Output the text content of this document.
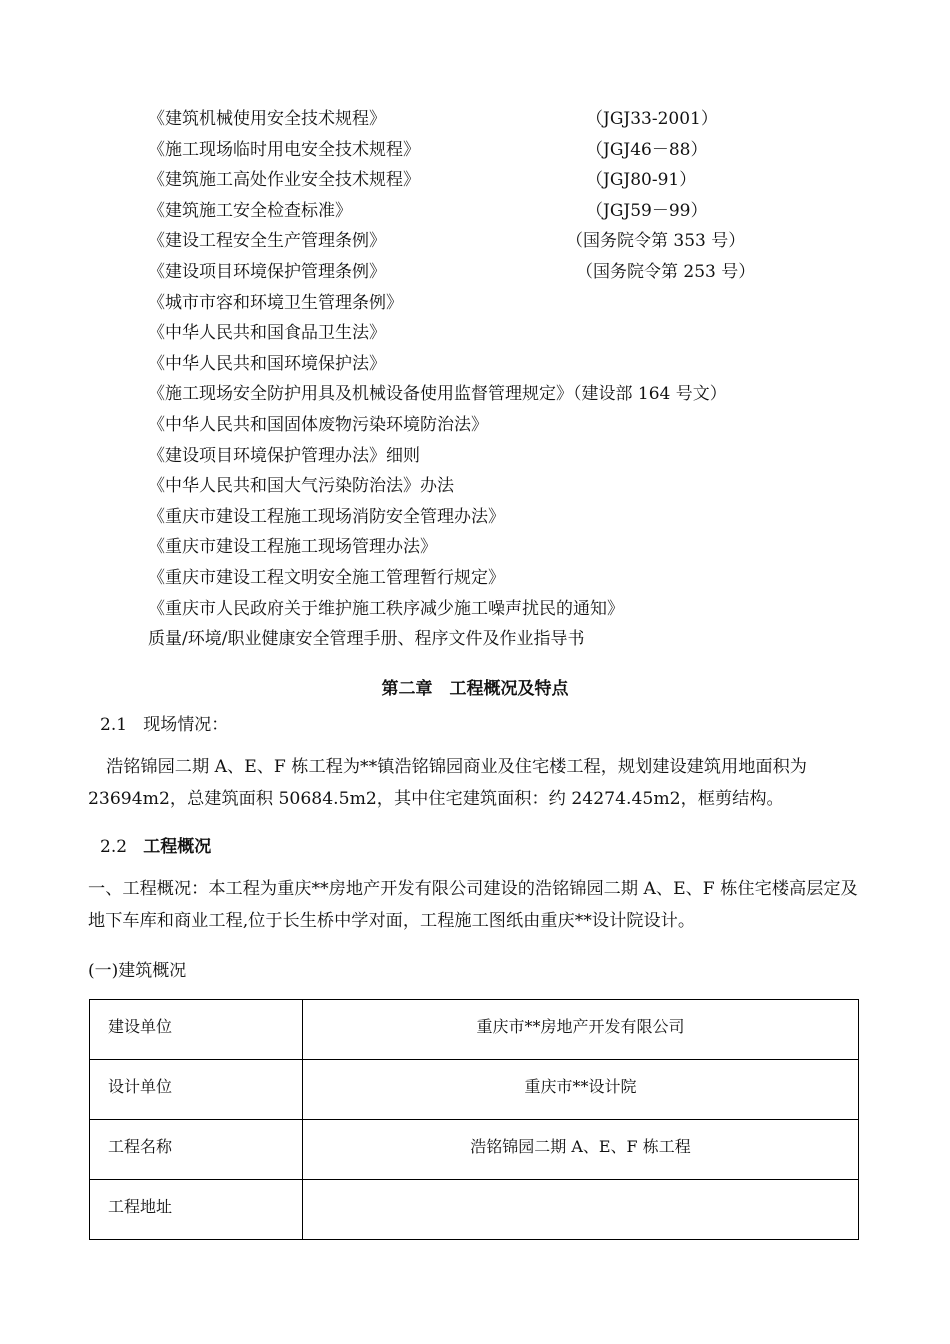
《建筑机械使用安全技术规程》	（JGJ33-2001）
《施工现场临时用电安全技术规程》	（JGJ46－88）
《建筑施工高处作业安全技术规程》	（JGJ80-91）
《建筑施工安全检查标准》	（JGJ59－99）
《建设工程安全生产管理条例》	（国务院令第 353 号）
《建设项目环境保护管理条例》	（国务院令第 253 号）
《城市市容和环境卫生管理条例》
《中华人民共和国食品卫生法》
《中华人民共和国环境保护法》
《施工现场安全防护用具及机械设备使用监督管理规定》（建设部 164 号文）
《中华人民共和国固体废物污染环境防治法》
《建设项目环境保护管理办法》细则
《中华人民共和国大气污染防治法》办法
《重庆市建设工程施工现场消防安全管理办法》
《重庆市建设工程施工现场管理办法》
《重庆市建设工程文明安全施工管理暂行规定》
《重庆市人民政府关于维护施工秩序减少施工噪声扰民的通知》
质量/环境/职业健康安全管理手册、程序文件及作业指导书
第二章　工程概况及特点
2.1 现场情况：
浩铭锦园二期 A、E、F 栋工程为**镇浩铭锦园商业及住宅楼工程，规划建设建筑用地面积为 23694m2，总建筑面积 50684.5m2，其中住宅建筑面积：约 24274.45m2，框剪结构。
2.2 工程概况
一、工程概况：本工程为重庆**房地产开发有限公司建设的浩铭锦园二期 A、E、F 栋住宅楼高层定及地下车库和商业工程,位于长生桥中学对面，工程施工图纸由重庆**设计院设计。
(一)建筑概况
建设单位	重庆市**房地产开发有限公司
设计单位	重庆市**设计院
工程名称	浩铭锦园二期 A、E、F 栋工程
工程地址	
